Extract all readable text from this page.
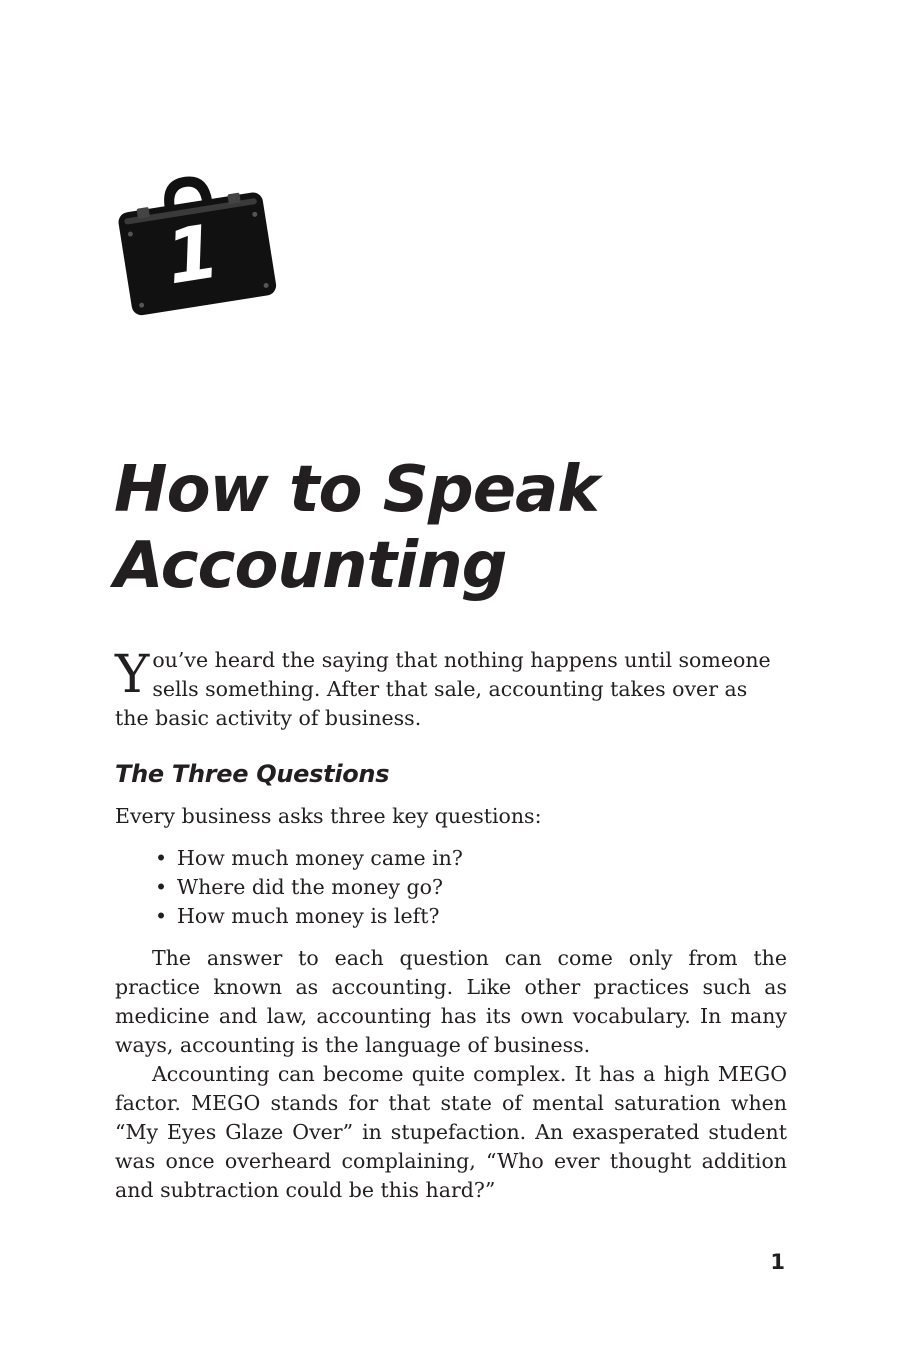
1
How to Speak
Accounting
You’ve heard the saying that nothing happens until someone sells something. After that sale, accounting takes over as the basic activity of business.
The Three Questions
Every business asks three key questions:
• How much money came in?
• Where did the money go?
• How much money is left?

The answer to each question can come only from the practice known as accounting. Like other practices such as medicine and law, accounting has its own vocabulary. In many ways, accounting is the language of business.

Accounting can become quite complex. It has a high MEGO factor. MEGO stands for that state of mental saturation when “My Eyes Glaze Over” in stupefaction. An exasperated student was once overheard complaining, “Who ever thought addition and subtraction could be this hard?”

1
